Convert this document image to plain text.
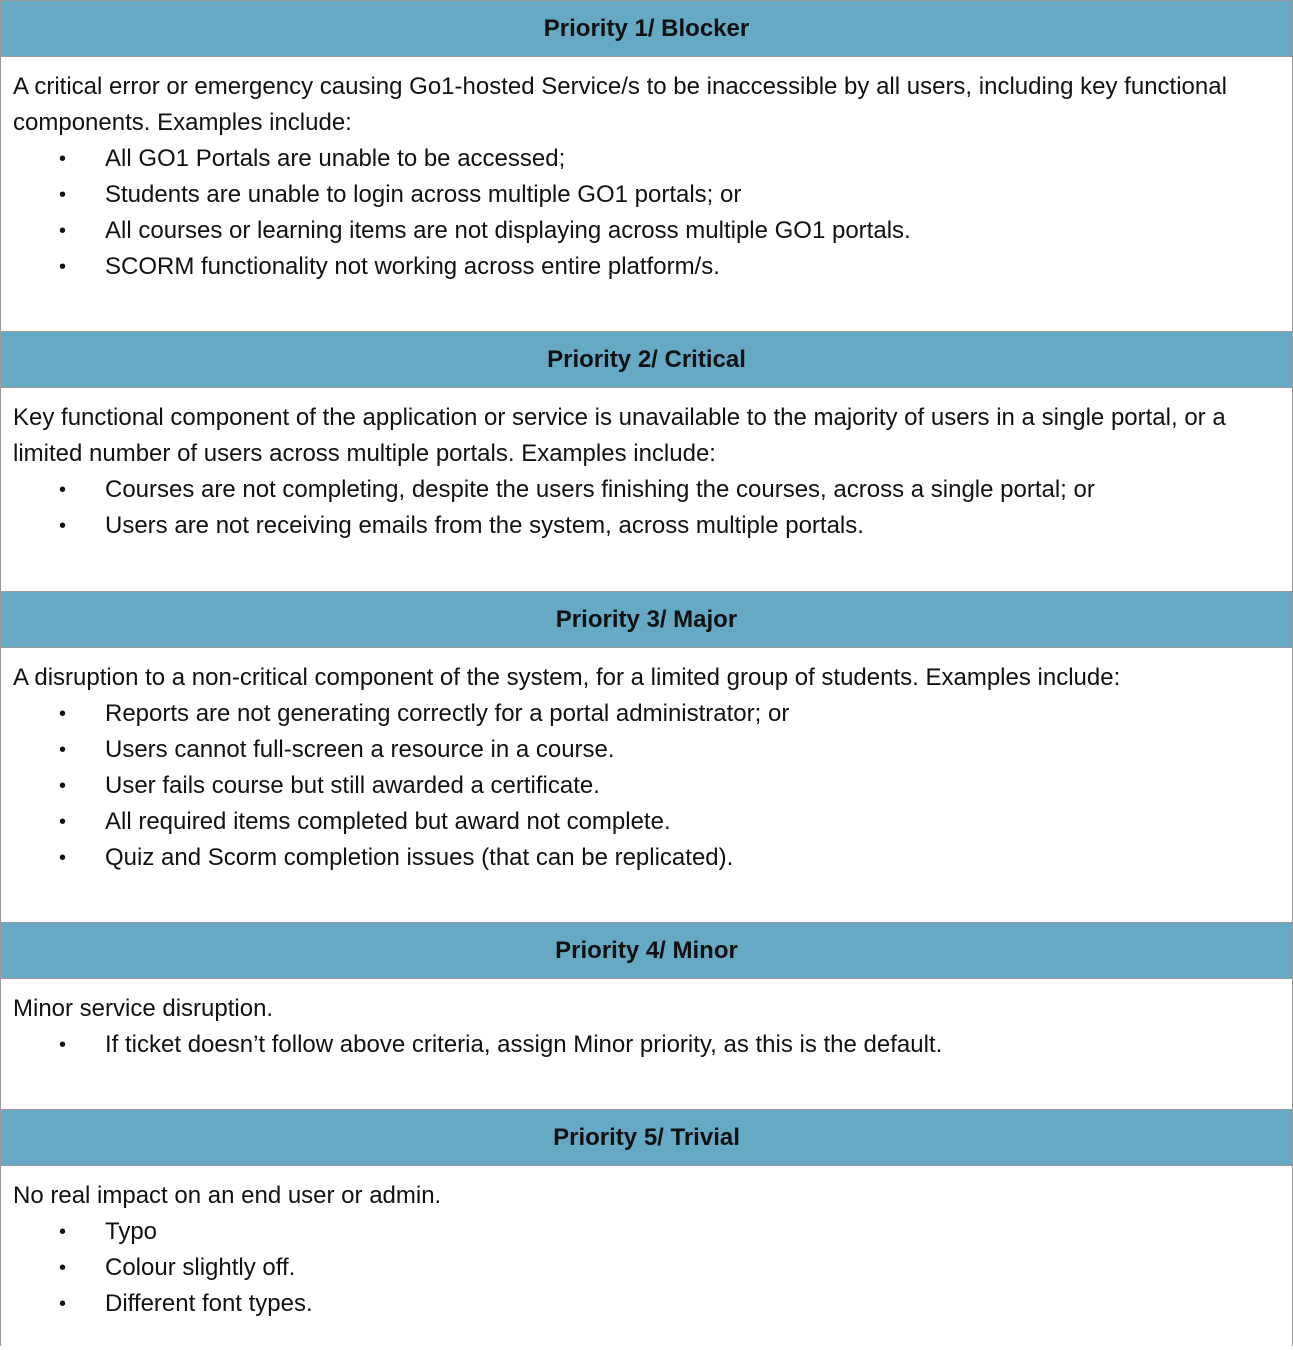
Priority 1/ Blocker

A critical error or emergency causing Go1-hosted Service/s to be inaccessible by all users, including key functional components. Examples include:

• All GO1 Portals are unable to be accessed;
• Students are unable to login across multiple GO1 portals; or
• All courses or learning items are not displaying across multiple GO1 portals.
• SCORM functionality not working across entire platform/s.
Priority 2/ Critical

Key functional component of the application or service is unavailable to the majority of users in a single portal, or a limited number of users across multiple portals. Examples include:

• Courses are not completing, despite the users finishing the courses, across a single portal; or
• Users are not receiving emails from the system, across multiple portals.
Priority 3/ Major

A disruption to a non-critical component of the system, for a limited group of students. Examples include:

• Reports are not generating correctly for a portal administrator; or
• Users cannot full-screen a resource in a course.
• User fails course but still awarded a certificate.
• All required items completed but award not complete.
• Quiz and Scorm completion issues (that can be replicated).
Priority 4/ Minor

Minor service disruption.

• If ticket doesn’t follow above criteria, assign Minor priority, as this is the default.
Priority 5/ Trivial

No real impact on an end user or admin.

• Typo
• Colour slightly off.
• Different font types.
